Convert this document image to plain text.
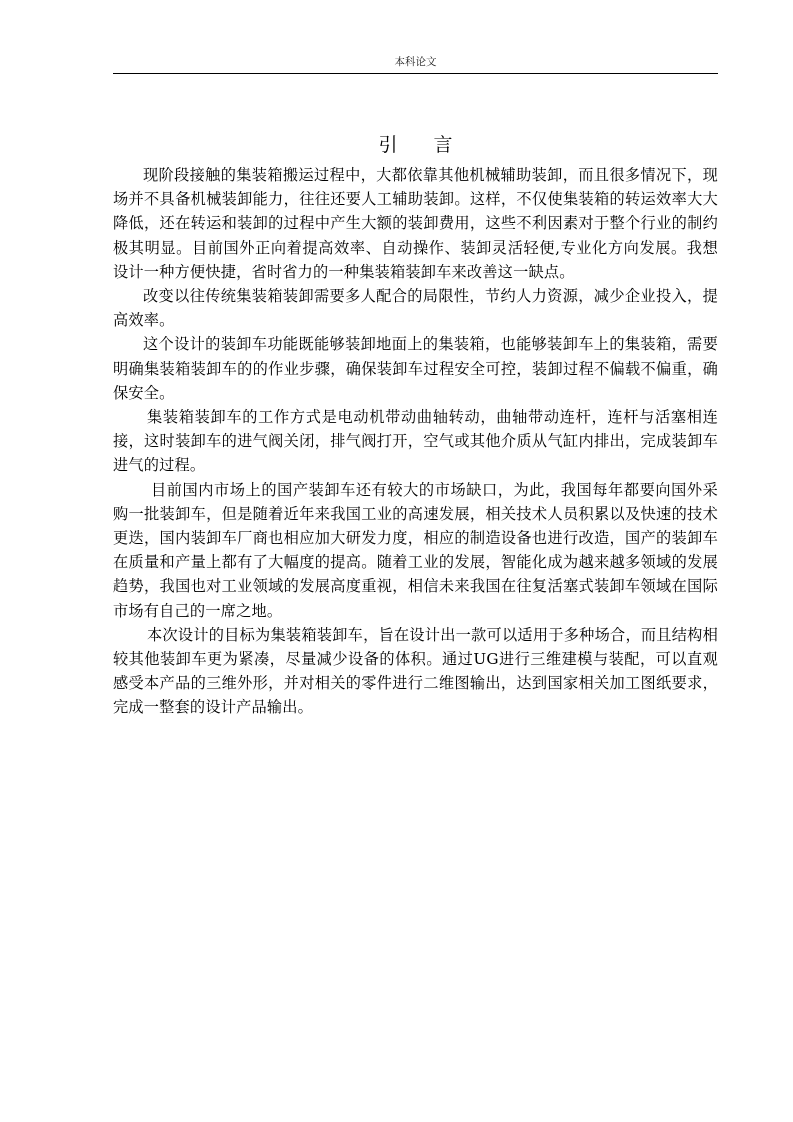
本科论文
引言

现阶段接触的集装箱搬运过程中，大都依靠其他机械辅助装卸，而且很多情况下，现场并不具备机械装卸能力，往往还要人工辅助装卸。这样，不仅使集装箱的转运效率大大降低，还在转运和装卸的过程中产生大额的装卸费用，这些不利因素对于整个行业的制约极其明显。目前国外正向着提高效率、自动操作、装卸灵活轻便,专业化方向发展。我想设计一种方便快捷，省时省力的一种集装箱装卸车来改善这一缺点。

改变以往传统集装箱装卸需要多人配合的局限性，节约人力资源，减少企业投入，提高效率。

这个设计的装卸车功能既能够装卸地面上的集装箱，也能够装卸车上的集装箱，需要明确集装箱装卸车的的作业步骤，确保装卸车过程安全可控，装卸过程不偏载不偏重，确保安全。

集装箱装卸车的工作方式是电动机带动曲轴转动，曲轴带动连杆，连杆与活塞相连接，这时装卸车的进气阀关闭，排气阀打开，空气或其他介质从气缸内排出，完成装卸车进气的过程。

目前国内市场上的国产装卸车还有较大的市场缺口，为此，我国每年都要向国外采购一批装卸车，但是随着近年来我国工业的高速发展，相关技术人员积累以及快速的技术更迭，国内装卸车厂商也相应加大研发力度，相应的制造设备也进行改造，国产的装卸车在质量和产量上都有了大幅度的提高。随着工业的发展，智能化成为越来越多领域的发展趋势，我国也对工业领域的发展高度重视，相信未来我国在往复活塞式装卸车领域在国际市场有自己的一席之地。

本次设计的目标为集装箱装卸车，旨在设计出一款可以适用于多种场合，而且结构相较其他装卸车更为紧凑，尽量减少设备的体积。通过UG进行三维建模与装配，可以直观感受本产品的三维外形，并对相关的零件进行二维图输出，达到国家相关加工图纸要求，完成一整套的设计产品输出。
